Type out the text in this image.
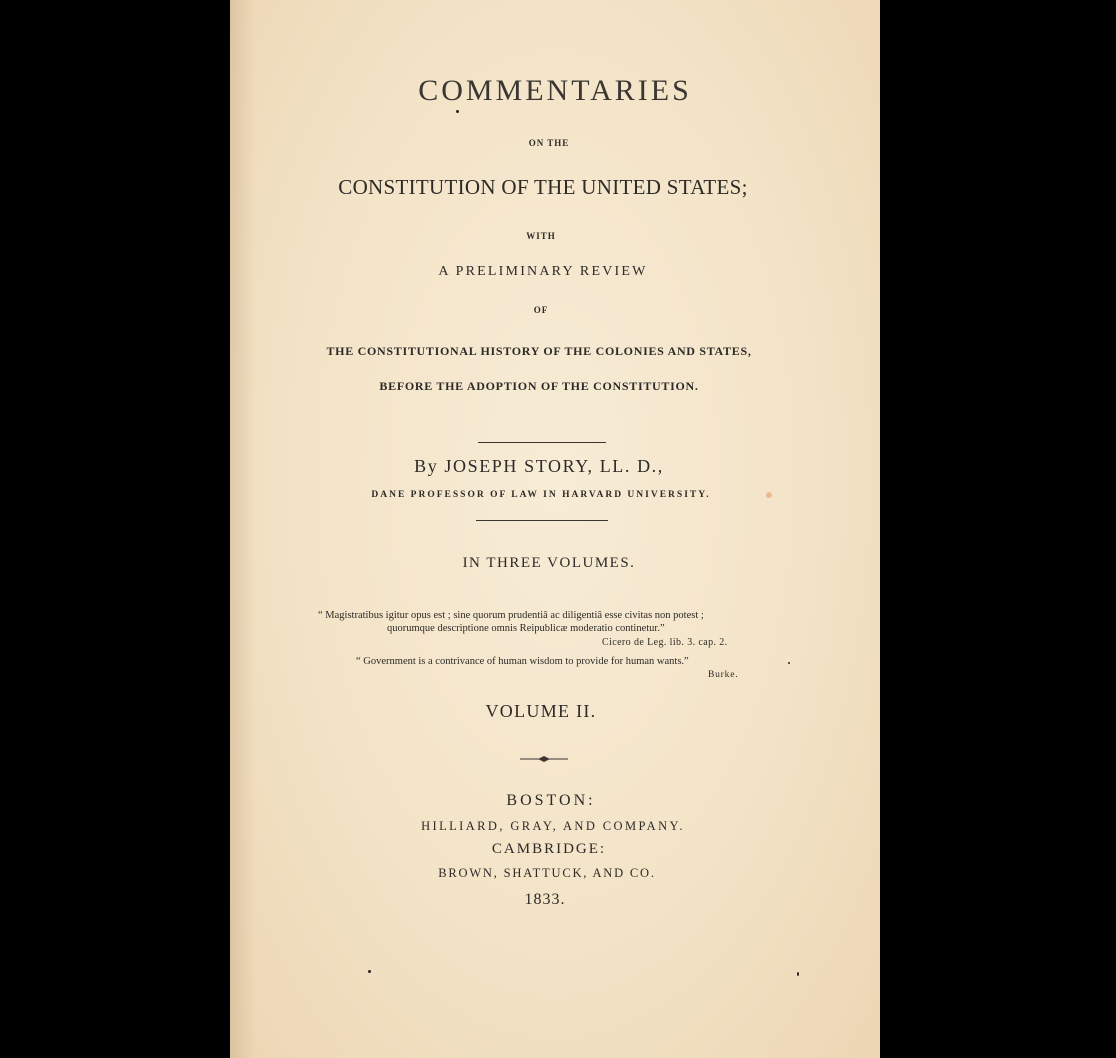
COMMENTARIES
ON THE
CONSTITUTION OF THE UNITED STATES;
WITH
A PRELIMINARY REVIEW
OF
THE CONSTITUTIONAL HISTORY OF THE COLONIES AND STATES,
BEFORE THE ADOPTION OF THE CONSTITUTION.
By JOSEPH STORY, LL. D.,
DANE PROFESSOR OF LAW IN HARVARD UNIVERSITY.
IN THREE VOLUMES.
“ Magistratibus igitur opus est ; sine quorum prudentiâ ac diligentiâ esse civitas non potest ;
quorumque descriptione omnis Reipublicæ moderatio continetur.”
Cicero de Leg. lib. 3. cap. 2.
“ Government is a contrivance of human wisdom to provide for human wants.”
Burke.
VOLUME II.
BOSTON:
HILLIARD, GRAY, AND COMPANY.
CAMBRIDGE:
BROWN, SHATTUCK, AND CO.
1833.
